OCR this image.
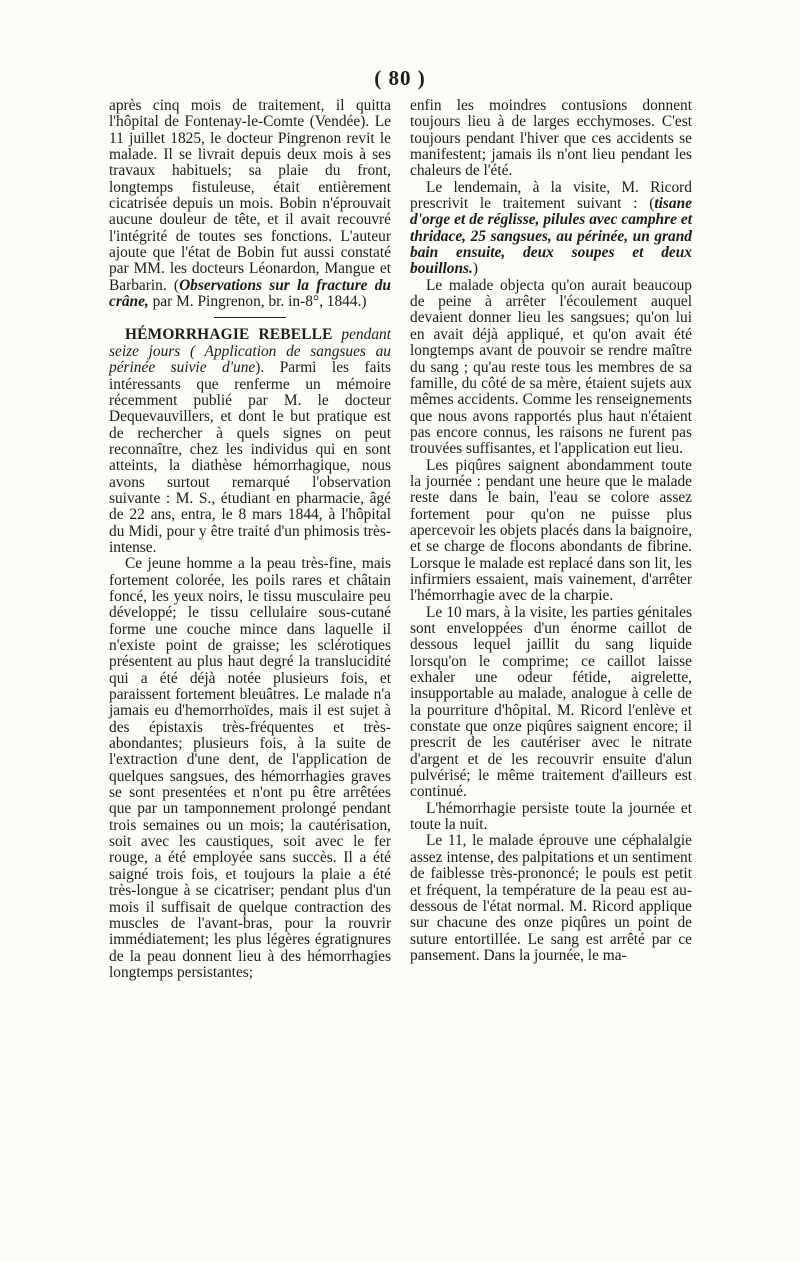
( 80 )

après cinq mois de traitement, il quitta l'hôpital de Fontenay-le-Comte (Vendée). Le 11 juillet 1825, le docteur Pingrenon revit le malade. Il se livrait depuis deux mois à ses travaux habituels; sa plaie du front, longtemps fistuleuse, était entièrement cicatrisée depuis un mois. Bobin n'éprouvait aucune douleur de tête, et il avait recouvré l'intégrité de toutes ses fonctions. L'auteur ajoute que l'état de Bobin fut aussi constaté par MM. les docteurs Léonardon, Mangue et Barbarin. (Observations sur la fracture du crâne, par M. Pingrenon, br. in-8°, 1844.)

HÉMORRHAGIE REBELLE pendant seize jours ( Application de sangsues au périnée suivie d'une). Parmi les faits intéressants que renferme un mémoire récemment publié par M. le docteur Dequevauvillers, et dont le but pratique est de rechercher à quels signes on peut reconnaître, chez les individus qui en sont atteints, la diathèse hémorrhagique, nous avons surtout remarqué l'observation suivante : M. S., étudiant en pharmacie, âgé de 22 ans, entra, le 8 mars 1844, à l'hôpital du Midi, pour y être traité d'un phimosis très-intense.

Ce jeune homme a la peau très-fine, mais fortement colorée, les poils rares et châtain foncé, les yeux noirs, le tissu musculaire peu développé; le tissu cellulaire sous-cutané forme une couche mince dans laquelle il n'existe point de graisse; les sclérotiques présentent au plus haut degré la translucidité qui a été déjà notée plusieurs fois, et paraissent fortement bleuâtres. Le malade n'a jamais eu d'hemorrhoïdes, mais il est sujet à des épistaxis très-fréquentes et très-abondantes; plusieurs fois, à la suite de l'extraction d'une dent, de l'application de quelques sangsues, des hémorrhagies graves se sont presentées et n'ont pu être arrêtées que par un tamponnement prolongé pendant trois semaines ou un mois; la cautérisation, soit avec les caustiques, soit avec le fer rouge, a été employée sans succès. Il a été saigné trois fois, et toujours la plaie a été très-longue à se cicatriser; pendant plus d'un mois il suffisait de quelque contraction des muscles de l'avant-bras, pour la rouvrir immédiatement; les plus légères égratignures de la peau donnent lieu à des hémorrhagies longtemps persistantes;

enfin les moindres contusions donnent toujours lieu à de larges ecchymoses. C'est toujours pendant l'hiver que ces accidents se manifestent; jamais ils n'ont lieu pendant les chaleurs de l'été.

Le lendemain, à la visite, M. Ricord prescrivit le traitement suivant : (tisane d'orge et de réglisse, pilules avec camphre et thridace, 25 sangsues, au périnée, un grand bain ensuite, deux soupes et deux bouillons.)

Le malade objecta qu'on aurait beaucoup de peine à arrêter l'écoulement auquel devaient donner lieu les sangsues; qu'on lui en avait déjà appliqué, et qu'on avait été longtemps avant de pouvoir se rendre maître du sang ; qu'au reste tous les membres de sa famille, du côté de sa mère, étaient sujets aux mêmes accidents. Comme les renseignements que nous avons rapportés plus haut n'étaient pas encore connus, les raisons ne furent pas trouvées suffisantes, et l'application eut lieu.

Les piqûres saignent abondamment toute la journée : pendant une heure que le malade reste dans le bain, l'eau se colore assez fortement pour qu'on ne puisse plus apercevoir les objets placés dans la baignoire, et se charge de flocons abondants de fibrine. Lorsque le malade est replacé dans son lit, les infirmiers essaient, mais vainement, d'arrêter l'hémorrhagie avec de la charpie.

Le 10 mars, à la visite, les parties génitales sont enveloppées d'un énorme caillot de dessous lequel jaillit du sang liquide lorsqu'on le comprime; ce caillot laisse exhaler une odeur fétide, aigrelette, insupportable au malade, analogue à celle de la pourriture d'hôpital. M. Ricord l'enlève et constate que onze piqûres saignent encore; il prescrit de les cautériser avec le nitrate d'argent et de les recouvrir ensuite d'alun pulvérisé; le même traitement d'ailleurs est continué.

L'hémorrhagie persiste toute la journée et toute la nuit.

Le 11, le malade éprouve une céphalalgie assez intense, des palpitations et un sentiment de faiblesse très-prononcé; le pouls est petit et fréquent, la température de la peau est au-dessous de l'état normal. M. Ricord applique sur chacune des onze piqûres un point de suture entortillée. Le sang est arrêté par ce pansement. Dans la journée, le ma-
